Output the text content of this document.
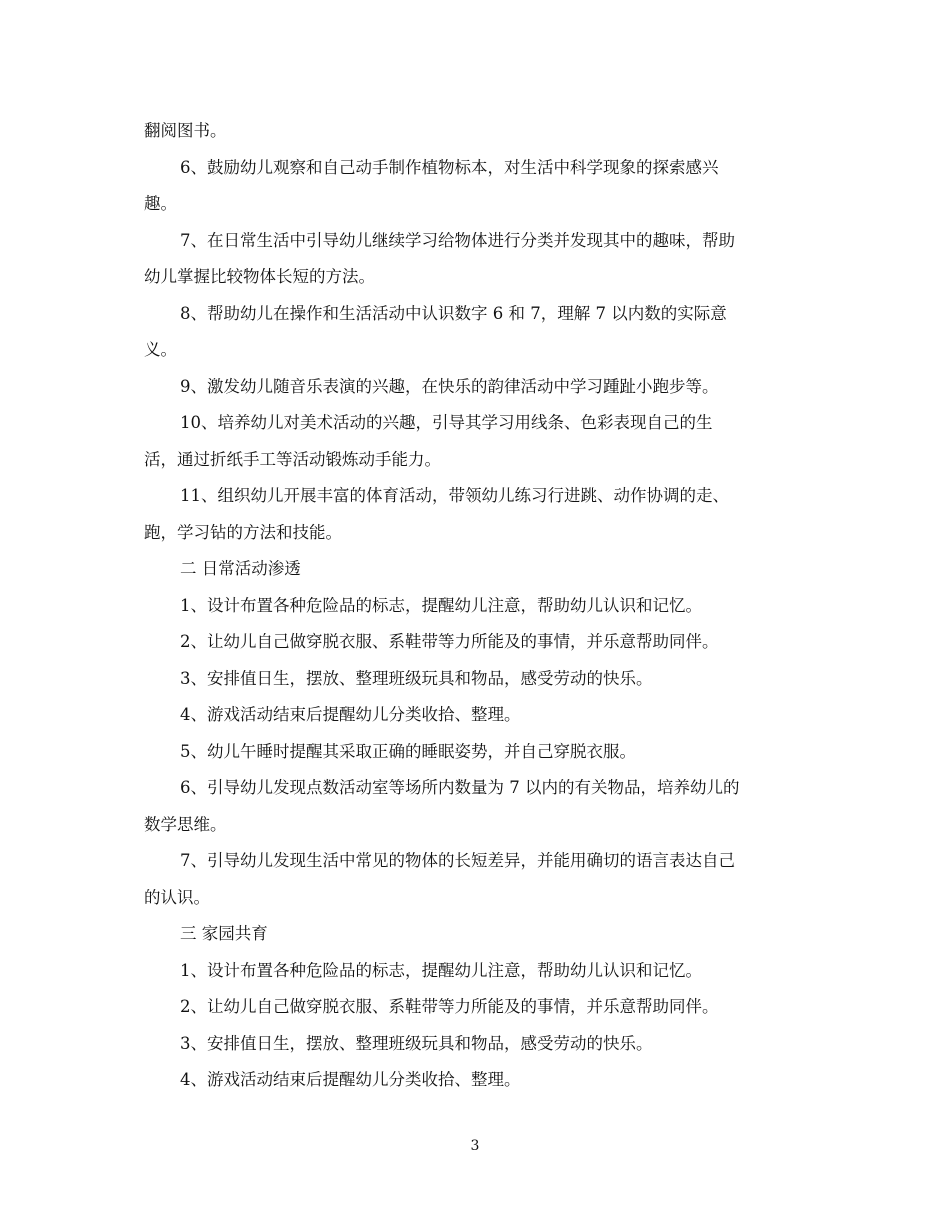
翻阅图书。
6、鼓励幼儿观察和自己动手制作植物标本，对生活中科学现象的探索感兴
趣。
7、在日常生活中引导幼儿继续学习给物体进行分类并发现其中的趣味，帮助
幼儿掌握比较物体长短的方法。
8、帮助幼儿在操作和生活活动中认识数字 6 和 7，理解 7 以内数的实际意
义。
9、激发幼儿随音乐表演的兴趣，在快乐的韵律活动中学习踵趾小跑步等。
10、培养幼儿对美术活动的兴趣，引导其学习用线条、色彩表现自己的生
活，通过折纸手工等活动锻炼动手能力。
11、组织幼儿开展丰富的体育活动，带领幼儿练习行进跳、动作协调的走、
跑，学习钻的方法和技能。
二 日常活动渗透
1、设计布置各种危险品的标志，提醒幼儿注意，帮助幼儿认识和记忆。
2、让幼儿自己做穿脱衣服、系鞋带等力所能及的事情，并乐意帮助同伴。
3、安排值日生，摆放、整理班级玩具和物品，感受劳动的快乐。
4、游戏活动结束后提醒幼儿分类收拾、整理。
5、幼儿午睡时提醒其采取正确的睡眠姿势，并自己穿脱衣服。
6、引导幼儿发现点数活动室等场所内数量为 7 以内的有关物品，培养幼儿的
数学思维。
7、引导幼儿发现生活中常见的物体的长短差异，并能用确切的语言表达自己
的认识。
三 家园共育
1、设计布置各种危险品的标志，提醒幼儿注意，帮助幼儿认识和记忆。
2、让幼儿自己做穿脱衣服、系鞋带等力所能及的事情，并乐意帮助同伴。
3、安排值日生，摆放、整理班级玩具和物品，感受劳动的快乐。
4、游戏活动结束后提醒幼儿分类收拾、整理。
3
